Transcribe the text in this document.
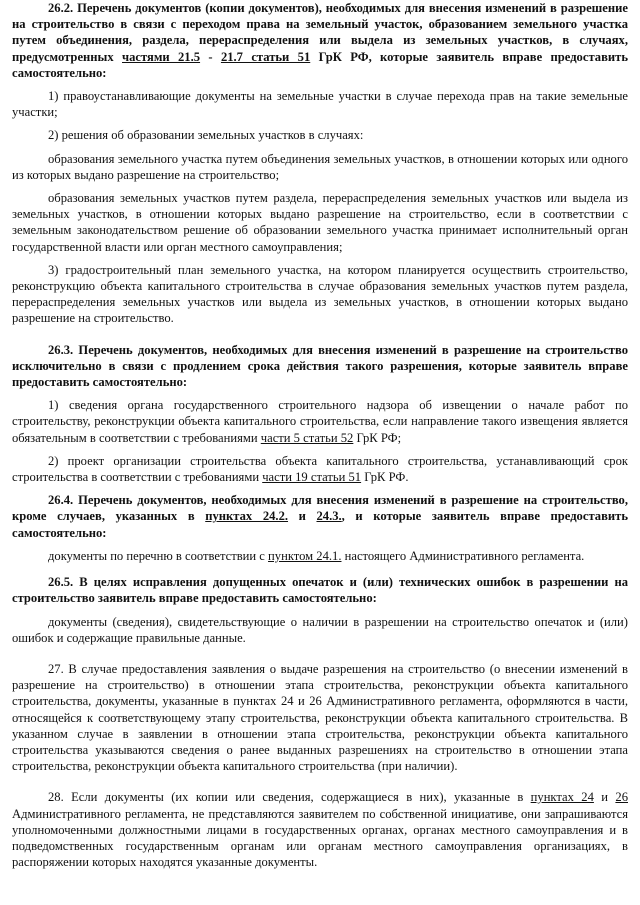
26.2. Перечень документов (копии документов), необходимых для внесения изменений в разрешение на строительство в связи с переходом права на земельный участок, образованием земельного участка путем объединения, раздела, перераспределения или выдела из земельных участков, в случаях, предусмотренных частями 21.5 - 21.7 статьи 51 ГрК РФ, которые заявитель вправе предоставить самостоятельно:

1) правоустанавливающие документы на земельные участки в случае перехода прав на такие земельные участки;

2) решения об образовании земельных участков в случаях:

образования земельного участка путем объединения земельных участков, в отношении которых или одного из которых выдано разрешение на строительство;

образования земельных участков путем раздела, перераспределения земельных участков или выдела из земельных участков, в отношении которых выдано разрешение на строительство, если в соответствии с земельным законодательством решение об образовании земельного участка принимает исполнительный орган государственной власти или орган местного самоуправления;

3) градостроительный план земельного участка, на котором планируется осуществить строительство, реконструкцию объекта капитального строительства в случае образования земельных участков путем раздела, перераспределения земельных участков или выдела из земельных участков, в отношении которых выдано разрешение на строительство.

26.3. Перечень документов, необходимых для внесения изменений в разрешение на строительство исключительно в связи с продлением срока действия такого разрешения, которые заявитель вправе предоставить самостоятельно:

1) сведения органа государственного строительного надзора об извещении о начале работ по строительству, реконструкции объекта капитального строительства, если направление такого извещения является обязательным в соответствии с требованиями части 5 статьи 52 ГрК РФ;

2) проект организации строительства объекта капитального строительства, устанавливающий срок строительства в соответствии с требованиями части 19 статьи 51 ГрК РФ.

26.4. Перечень документов, необходимых для внесения изменений в разрешение на строительство, кроме случаев, указанных в пунктах 24.2. и 24.3., и которые заявитель вправе предоставить самостоятельно:

документы по перечню в соответствии с пунктом 24.1. настоящего Административного регламента.

26.5. В целях исправления допущенных опечаток и (или) технических ошибок в разрешении на строительство заявитель вправе предоставить самостоятельно:

документы (сведения), свидетельствующие о наличии в разрешении на строительство опечаток и (или) ошибок и содержащие правильные данные.

27. В случае предоставления заявления о выдаче разрешения на строительство (о внесении изменений в разрешение на строительство) в отношении этапа строительства, реконструкции объекта капитального строительства, документы, указанные в пунктах 24 и 26 Административного регламента, оформляются в части, относящейся к соответствующему этапу строительства, реконструкции объекта капитального строительства. В указанном случае в заявлении в отношении этапа строительства, реконструкции объекта капитального строительства указываются сведения о ранее выданных разрешениях на строительство в отношении этапа строительства, реконструкции объекта капитального строительства (при наличии).

28. Если документы (их копии или сведения, содержащиеся в них), указанные в пунктах 24 и 26 Административного регламента, не представляются заявителем по собственной инициативе, они запрашиваются уполномоченными должностными лицами в государственных органах, органах местного самоуправления и в подведомственных государственным органам или органам местного самоуправления организациях, в распоряжении которых находятся указанные документы.
